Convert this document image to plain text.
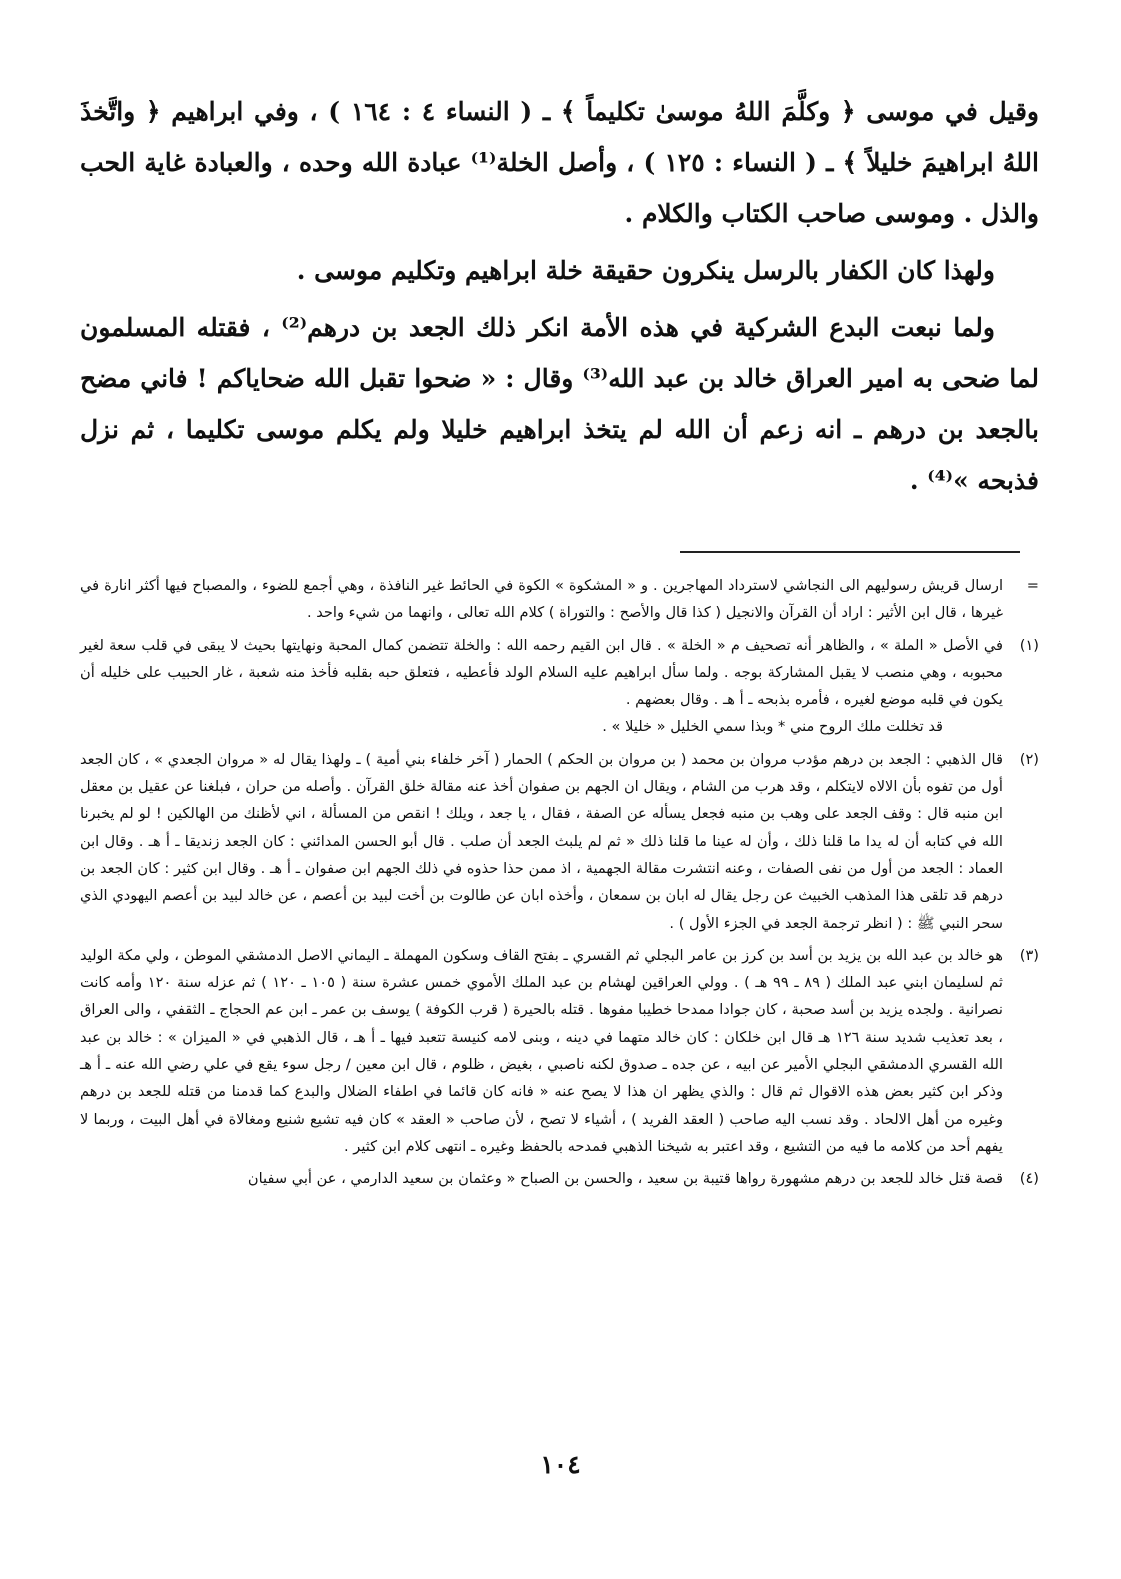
وقيل في موسى ﴿ وكلَّمَ اللهُ موسىٰ تكليماً ﴾ ـ ( النساء ٤ : ١٦٤ ) ، وفي ابراهيم ﴿ واتَّخذَ اللهُ ابراهيمَ خليلاً ﴾ ـ ( النساء : ١٢٥ ) ، وأصل الخلة⁽¹⁾ عبادة الله وحده ، والعبادة غاية الحب والذل . وموسى صاحب الكتاب والكلام .

ولهذا كان الكفار بالرسل ينكرون حقيقة خلة ابراهيم وتكليم موسى .

ولما نبعت البدع الشركية في هذه الأمة انكر ذلك الجعد بن درهم⁽²⁾ ، فقتله المسلمون لما ضحى به امير العراق خالد بن عبد الله⁽³⁾ وقال : « ضحوا تقبل الله ضحاياكم ! فاني مضح بالجعد بن درهم ـ انه زعم أن الله لم يتخذ ابراهيم خليلا ولم يكلم موسى تكليما ، ثم نزل فذبحه »⁽⁴⁾ .

=
ارسال قريش رسوليهم الى النجاشي لاسترداد المهاجرين . و « المشكوة » الكوة في الحائط غير النافذة ، وهي أجمع للضوء ، والمصباح فيها أكثر انارة في غيرها ، قال ابن الأثير : اراد أن القرآن والانجيل ( كذا قال والأصح : والتوراة ) كلام الله تعالى ، وانهما من شيء واحد .
(١)
في الأصل « الملة » ، والظاهر أنه تصحيف م « الخلة » . قال ابن القيم رحمه الله : والخلة تتضمن كمال المحبة ونهايتها بحيث لا يبقى في قلب سعة لغير محبوبه ، وهي منصب لا يقبل المشاركة بوجه . ولما سأل ابراهيم عليه السلام الولد فأعطيه ، فتعلق حبه بقلبه فأخذ منه شعبة ، غار الحبيب على خليله أن يكون في قلبه موضع لغيره ، فأمره بذبحه ـ أ هـ . وقال بعضهم .
قد تخللت ملك الروح مني * وبذا سمي الخليل « خليلا » .
(٢)
قال الذهبي : الجعد بن درهم مؤدب مروان بن محمد ( بن مروان بن الحكم ) الحمار ( آخر خلفاء بني أمية ) ـ ولهذا يقال له « مروان الجعدي » ، كان الجعد أول من تفوه بأن الالاه لايتكلم ، وقد هرب من الشام ، ويقال ان الجهم بن صفوان أخذ عنه مقالة خلق القرآن . وأصله من حران ، فبلغنا عن عقيل بن معقل ابن منبه قال : وقف الجعد على وهب بن منبه فجعل يسأله عن الصفة ، فقال ، يا جعد ، ويلك ! انقص من المسألة ، اني لأظنك من الهالكين ! لو لم يخبرنا الله في كتابه أن له يدا ما قلنا ذلك ، وأن له عينا ما قلنا ذلك « ثم لم يلبث الجعد أن صلب . قال أبو الحسن المدائني : كان الجعد زنديقا ـ أ هـ . وقال ابن العماد : الجعد من أول من نفى الصفات ، وعنه انتشرت مقالة الجهمية ، اذ ممن حذا حذوه في ذلك الجهم ابن صفوان ـ أ هـ . وقال ابن كثير : كان الجعد بن درهم قد تلقى هذا المذهب الخبيث عن رجل يقال له ابان بن سمعان ، وأخذه ابان عن طالوت بن أخت لبيد بن أعصم ، عن خالد لبيد بن أعصم اليهودي الذي سحر النبي ﷺ : ( انظر ترجمة الجعد في الجزء الأول ) .
(٣)
هو خالد بن عبد الله بن يزيد بن أسد بن كرز بن عامر البجلي ثم القسري ـ بفتح القاف وسكون المهملة ـ اليماني الاصل الدمشقي الموطن ، ولي مكة الوليد ثم لسليمان ابني عبد الملك ( ٨٩ ـ ٩٩ هـ ) . وولي العراقين لهشام بن عبد الملك الأموي خمس عشرة سنة ( ١٠٥ ـ ١٢٠ ) ثم عزله سنة ١٢٠ وأمه كانت نصرانية . ولجده يزيد بن أسد صحبة ، كان جوادا ممدحا خطيبا مفوها . قتله بالحيرة ( قرب الكوفة ) يوسف بن عمر ـ ابن عم الحجاج ـ الثقفي ، والى العراق ، بعد تعذيب شديد سنة ١٢٦ هـ قال ابن خلكان : كان خالد متهما في دينه ، وبنى لامه كنيسة تتعبد فيها ـ أ هـ ، قال الذهبي في « الميزان » : خالد بن عبد الله القسري الدمشقي البجلي الأمير عن ابيه ، عن جده ـ صدوق لكنه ناصبي ، بغيض ، ظلوم ، قال ابن معين / رجل سوء يقع في علي رضي الله عنه ـ أ هـ وذكر ابن كثير بعض هذه الاقوال ثم قال : والذي يظهر ان هذا لا يصح عنه « فانه كان قائما في اطفاء الضلال والبدع كما قدمنا من قتله للجعد بن درهم وغيره من أهل الالحاد . وقد نسب اليه صاحب ( العقد الفريد ) ، أشياء لا تصح ، لأن صاحب « العقد » كان فيه تشيع شنيع ومغالاة في أهل البيت ، وربما لا يفهم أحد من كلامه ما فيه من التشيع ، وقد اعتبر به شيخنا الذهبي فمدحه بالحفظ وغيره ـ انتهى كلام ابن كثير .
(٤)
قصة قتل خالد للجعد بن درهم مشهورة رواها قتيبة بن سعيد ، والحسن بن الصباح « وعثمان بن سعيد الدارمي ، عن أبي سفيان
١٠٤
